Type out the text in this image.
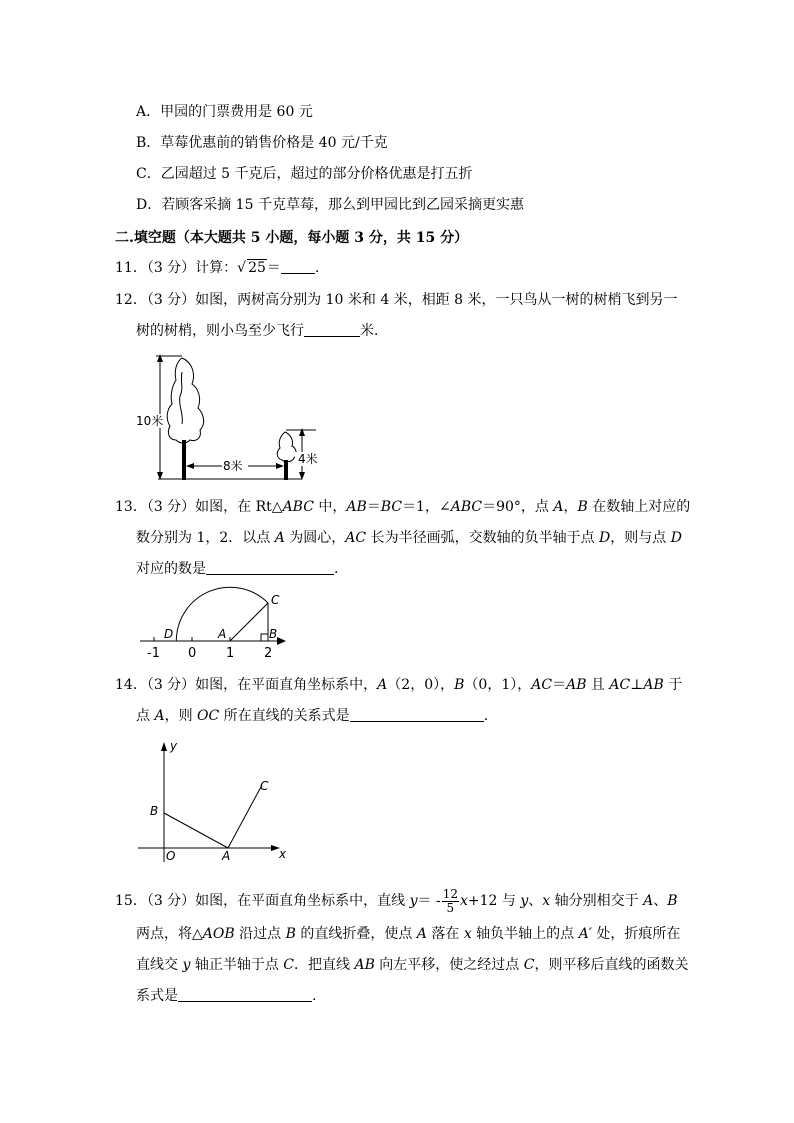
A．甲园的门票费用是 60 元
B．草莓优惠前的销售价格是 40 元/千克
C．乙园超过 5 千克后，超过的部分价格优惠是打五折
D．若顾客采摘 15 千克草莓，那么到甲园比到乙园采摘更实惠
二.填空题（本大题共 5 小题，每小题 3 分，共 15 分）
11．（3 分）计算：√ 25＝ .
12．（3 分）如图，两树高分别为 10 米和 4 米，相距 8 米，一只鸟从一树的树梢飞到另一
树的树梢，则小鸟至少飞行	米．
10米
8米	4米
13．（3 分）如图，在 Rt△ABC 中，AB＝BC＝1，∠ABC＝90°，点 A，B 在数轴上对应的
数分别为 1，2．以点 A 为圆心，AC 长为半径画弧，交数轴的负半轴于点 D，则与点 D
对应的数是	.
C
D	A	B
-1 0 1 2
14．（3 分）如图，在平面直角坐标系中，A（2，0），B（0，1），AC＝AB 且 AC⊥AB 于
点 A，则 OC 所在直线的关系式是	.
y
x
B
O	A
C
15．（3 分）如图，在平面直角坐标系中，直线 $y= - \frac{12}{5} x+12$ 与 y、x 轴分别相交于 A、B
两点，将△AOB 沿过点 B 的直线折叠，使点 A 落在 x 轴负半轴上的点 A′ 处，折痕所在
直线交 y 轴正半轴于点 C．把直线 AB 向左平移，使之经过点 C，则平移后直线的函数关
系式是	.
